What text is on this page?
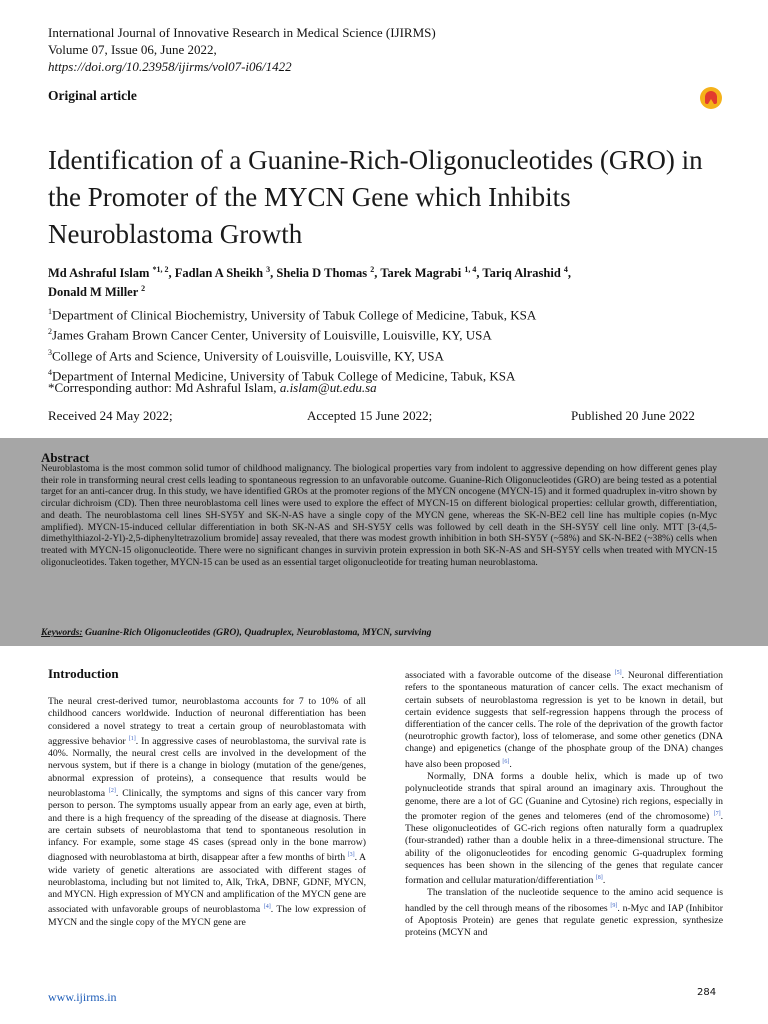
International Journal of Innovative Research in Medical Science (IJIRMS)
Volume 07, Issue 06, June 2022,
https://doi.org/10.23958/ijirms/vol07-i06/1422
Original article
Identification of a Guanine-Rich-Oligonucleotides (GRO) in the Promoter of the MYCN Gene which Inhibits Neuroblastoma Growth
Md Ashraful Islam $^{*1, 2}$, Fadlan A Sheikh $^3$, Shelia D Thomas $^2$, Tarek Magrabi $^{1, 4}$, Tariq Alrashid $^4$,
Donald M Miller $^2$
$^1$Department of Clinical Biochemistry, University of Tabuk College of Medicine, Tabuk, KSA
$^2$James Graham Brown Cancer Center, University of Louisville, Louisville, KY, USA
$^3$College of Arts and Science, University of Louisville, Louisville, KY, USA
$^4$Department of Internal Medicine, University of Tabuk College of Medicine, Tabuk, KSA
*Corresponding author: Md Ashraful Islam, a.islam@ut.edu.sa
Received 24 May 2022;	Accepted 15 June 2022;	Published 20 June 2022
Abstract
Neuroblastoma is the most common solid tumor of childhood malignancy. The biological properties vary from indolent to aggressive depending on how different genes play their role in transforming neural crest cells leading to spontaneous regression to an unfavorable outcome. Guanine-Rich Oligonucleotides (GRO) are being tested as a potential target for an anti-cancer drug. In this study, we have identified GROs at the promoter regions of the MYCN oncogene (MYCN-15) and it formed quadruplex in-vitro shown by circular dichroism (CD). Then three neuroblastoma cell lines were used to explore the effect of MYCN-15 on different biological properties: cellular growth, differentiation, and death. The neuroblastoma cell lines SH-SY5Y and SK-N-AS have a single copy of the MYCN gene, whereas the SK-N-BE2 cell line has multiple copies (n-Myc amplified). MYCN-15-induced cellular differentiation in both SK-N-AS and SH-SY5Y cells was followed by cell death in the SH-SY5Y cell line only. MTT [3-(4,5-dimethylthiazol-2-Yl)-2,5-diphenyltetrazolium bromide] assay revealed, that there was modest growth inhibition in both SH-SY5Y (~58%) and SK-N-BE2 (~38%) cells when treated with MYCN-15 oligonucleotide. There were no significant changes in survivin protein expression in both SK-N-AS and SH-SY5Y cells when treated with MYCN-15 oligonucleotides. Taken together, MYCN-15 can be used as an essential target oligonucleotide for treating human neuroblastoma.
Keywords: Guanine-Rich Oligonucleotides (GRO), Quadruplex, Neuroblastoma, MYCN, surviving

Introduction

The neural crest-derived tumor, neuroblastoma accounts for 7 to 10% of all childhood cancers worldwide. Induction of neuronal differentiation has been considered a novel strategy to treat a certain group of neuroblastomata with aggressive behavior [1]. In aggressive cases of neuroblastoma, the survival rate is 40%. Normally, the neural crest cells are involved in the development of the nervous system, but if there is a change in biology (mutation of the gene/genes, abnormal expression of proteins), a consequence that results would be neuroblastoma [2]. Clinically, the symptoms and signs of this cancer vary from person to person. The symptoms usually appear from an early age, even at birth, and there is a high frequency of the spreading of the disease at diagnosis. There are certain subsets of neuroblastoma that tend to spontaneous resolution in infancy. For example, some stage 4S cases (spread only in the bone marrow) diagnosed with neuroblastoma at birth, disappear after a few months of birth [3]. A wide variety of genetic alterations are associated with different stages of neuroblastoma, including but not limited to, Alk, TrkA, DBNF, GDNF, MYCN, and MYCN. High expression of MYCN and amplification of the MYCN gene are associated with unfavorable groups of neuroblastoma [4]. The low expression of MYCN and the single copy of the MYCN gene are

associated with a favorable outcome of the disease [5]. Neuronal differentiation refers to the spontaneous maturation of cancer cells. The exact mechanism of certain subsets of neuroblastoma regression is yet to be known in detail, but certain evidence suggests that self-regression happens through the process of differentiation of the cancer cells. The role of the deprivation of the growth factor (neurotrophic growth factor), loss of telomerase, and some other genetics (DNA change) and epigenetics (change of the phosphate group of the DNA) changes have also been proposed [6].

Normally, DNA forms a double helix, which is made up of two polynucleotide strands that spiral around an imaginary axis. Throughout the genome, there are a lot of GC (Guanine and Cytosine) rich regions, especially in the promoter region of the genes and telomeres (end of the chromosome) [7]. These oligonucleotides of GC-rich regions often naturally form a quadruplex (four-stranded) rather than a double helix in a three-dimensional structure. The ability of the oligonucleotides for encoding genomic G-quadruplex forming sequences has been shown in the silencing of the genes that regulate cancer formation and cellular maturation/differentiation [8].

The translation of the nucleotide sequence to the amino acid sequence is handled by the cell through means of the ribosomes [9]. n-Myc and IAP (Inhibitor of Apoptosis Protein) are genes that regulate genetic expression, synthesize proteins (MCYN and

www.ijirms.in	284
